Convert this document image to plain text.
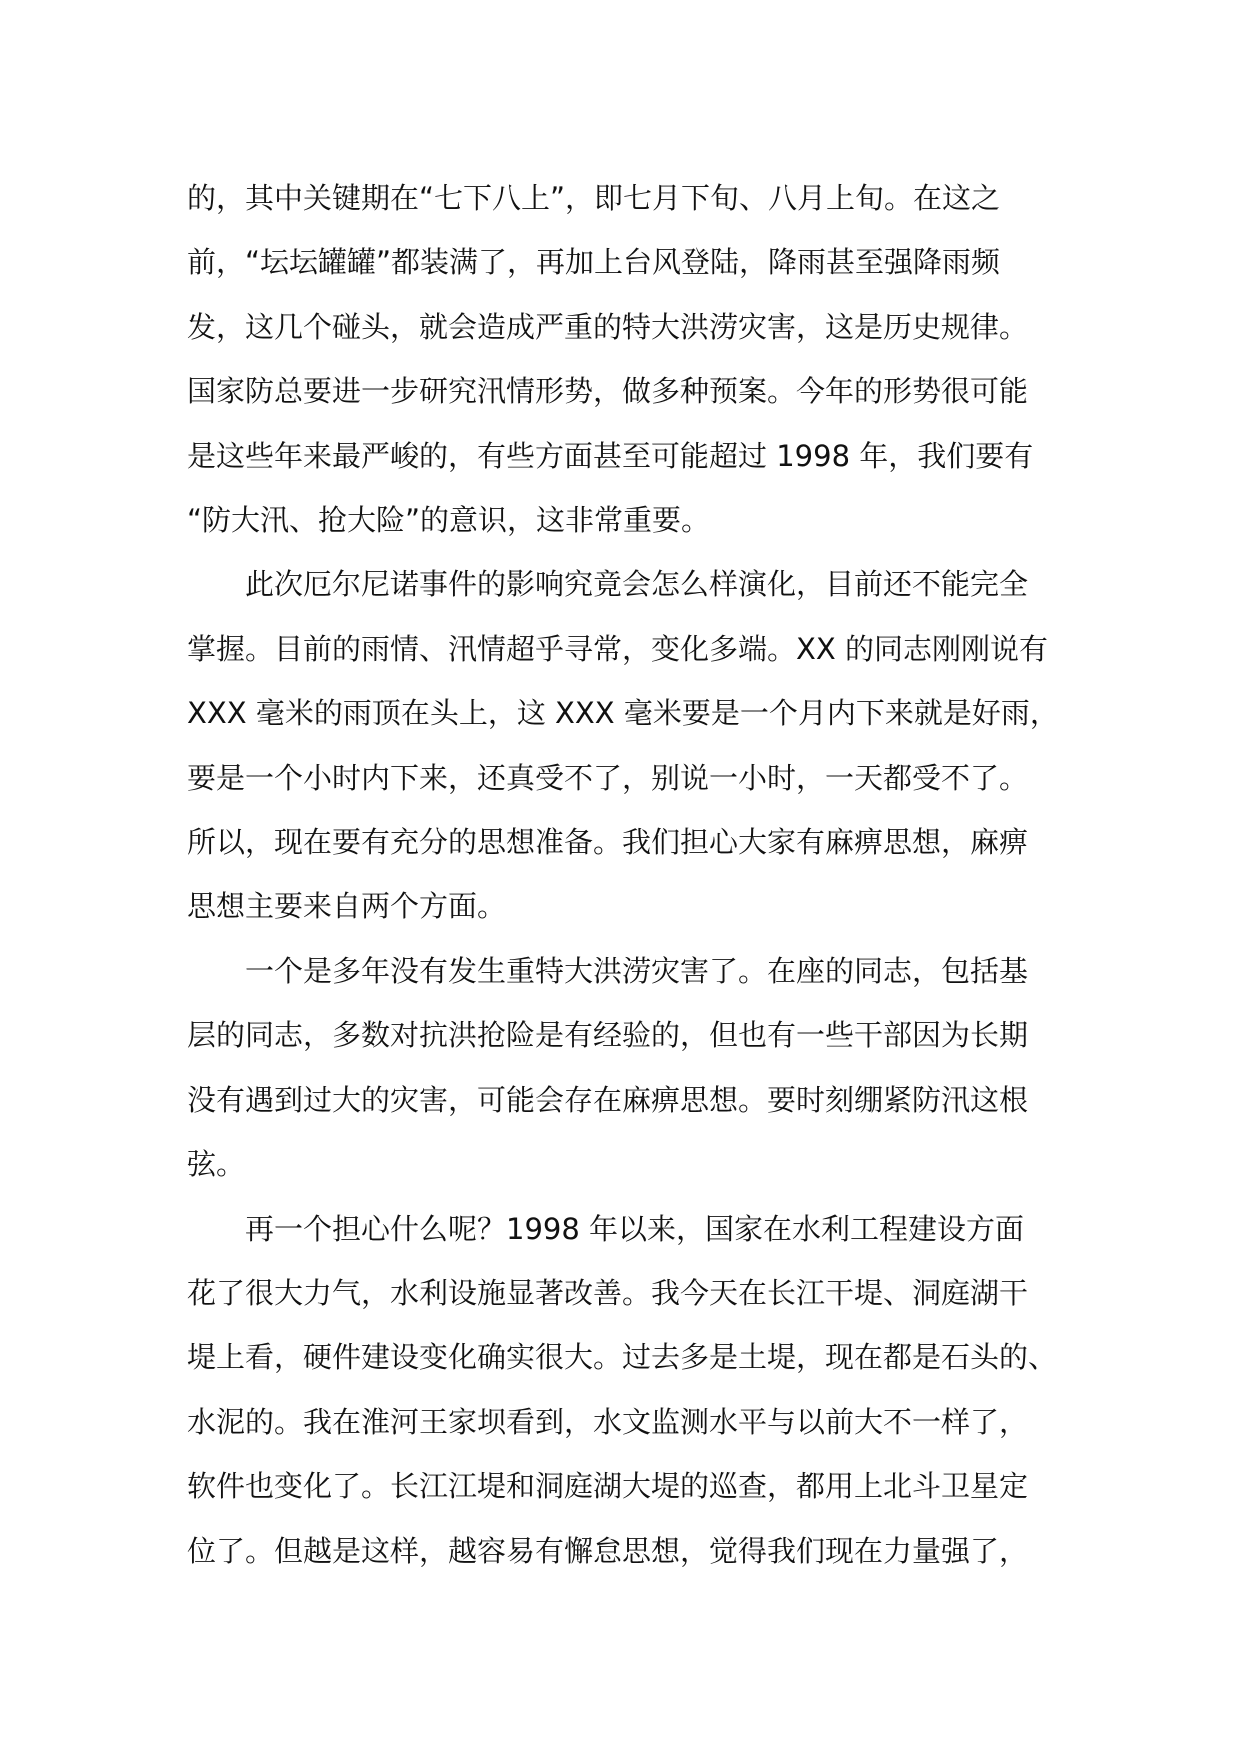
的，其中关键期在“七下八上”，即七月下旬、八月上旬。在这之
前，“坛坛罐罐”都装满了，再加上台风登陆，降雨甚至强降雨频
发，这几个碰头，就会造成严重的特大洪涝灾害，这是历史规律。
国家防总要进一步研究汛情形势，做多种预案。今年的形势很可能
是这些年来最严峻的，有些方面甚至可能超过 1998 年，我们要有
“防大汛、抢大险”的意识，这非常重要。
此次厄尔尼诺事件的影响究竟会怎么样演化，目前还不能完全
掌握。目前的雨情、汛情超乎寻常，变化多端。XX 的同志刚刚说有
XXX 毫米的雨顶在头上，这 XXX 毫米要是一个月内下来就是好雨，
要是一个小时内下来，还真受不了，别说一小时，一天都受不了。
所以，现在要有充分的思想准备。我们担心大家有麻痹思想，麻痹
思想主要来自两个方面。
一个是多年没有发生重特大洪涝灾害了。在座的同志，包括基
层的同志，多数对抗洪抢险是有经验的，但也有一些干部因为长期
没有遇到过大的灾害，可能会存在麻痹思想。要时刻绷紧防汛这根
弦。
再一个担心什么呢？1998 年以来，国家在水利工程建设方面
花了很大力气，水利设施显著改善。我今天在长江干堤、洞庭湖干
堤上看，硬件建设变化确实很大。过去多是土堤，现在都是石头的、
水泥的。我在淮河王家坝看到，水文监测水平与以前大不一样了，
软件也变化了。长江江堤和洞庭湖大堤的巡查，都用上北斗卫星定
位了。但越是这样，越容易有懈怠思想，觉得我们现在力量强了，
